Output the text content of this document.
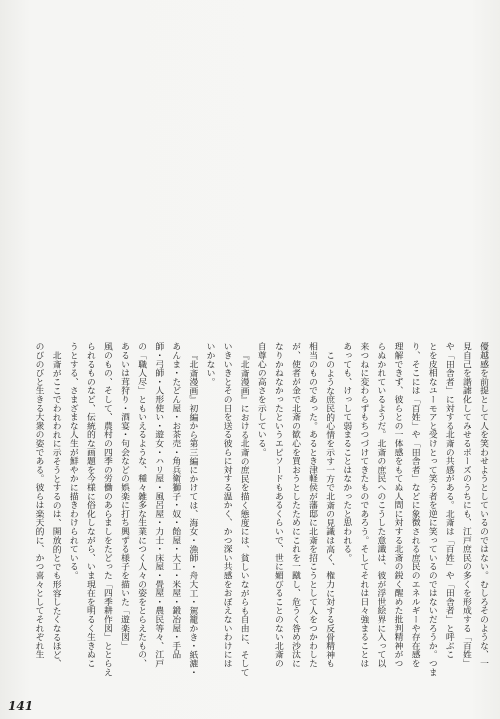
優越感を前提として人を笑わせようとしているのではない。むしろそのような、一
見自己を諧謔化してみせるポーズのうちにも、江戸庶民の多くを形成する「百姓」
や「田舎者」に対する北斎の共感がある。北斎は「百姓」や「田舎者」と呼ぶこ
とを皮相なユーモアと受けとって笑う者を逆に笑っているのではないだろうか。つま
り、そこには「百姓」や「田舎者」などに象徴される庶民のエネルギーや存在感を
理解できず、彼らとの一体感をもてぬ人間に対する北斎の鋭く醒めた批判精神がつ
らぬかれているようだ。北斎の庶民へのこうした意識は、彼が浮世絵界に入って以
来つねに変わらずもちつづけてきたものであろう。そしてそれは日々強まることは
あっても、けっして弱まることはなかったと思われる。
このような庶民的心情を示す一方で北斎の見識は高く、権力に対する反骨精神も
相当のものであった。あるとき津軽侯が藩邸に北斎を招こうとして人をつかわした
が、使者が金で北斎の歓心を買おうとしたためにこれを一蹴し、危うく咎め沙汰に
なりかねなかったというエピソードもあるくらいで、世に媚びることのない北斎の
自尊心の高さを示している。
『北斎漫画』における北斎の庶民を描く態度には、貧しいながらも自由に、そして
いきいきとその日を送る彼らに対する温かく、かつ深い共感をおぼえないわけには
いかない。
『北斎漫画』初編から第三編にかけては、海女・漁師・舟大工・駕籠かき・紙漉・
あんま・たどん屋・お茶売・角兵衛獅子・奴・飴屋・大工・米屋・鍛冶屋・手品
師・弓師・人形使い・遊女・ハリ屋・風呂屋・力士・床屋・畳屋・農民等々、江戸
の「職人尽」ともいえるような、種々雑多な生業につく人々の姿をとらえたもの、
あるいは茸狩り・酒宴・句会などの娯楽に打ち興ずる様子を描いた「遊楽図」
風のもの、そして、農村の四季の労働のあらましをたどった「四季耕作図」ととらえ
られるものなど、伝統的な画題を今様に俗化しながら、いま現在を明るく生きぬこ
うとする、さまざまな人生が鮮やかに描きわけられている。
北斎がここでわれわれに示そうとするのは、開放的とでも形容したくなるほど、
のびのびと生きる大衆の姿である。彼らは楽天的に、かつ喜々としてそれぞれ生
141
